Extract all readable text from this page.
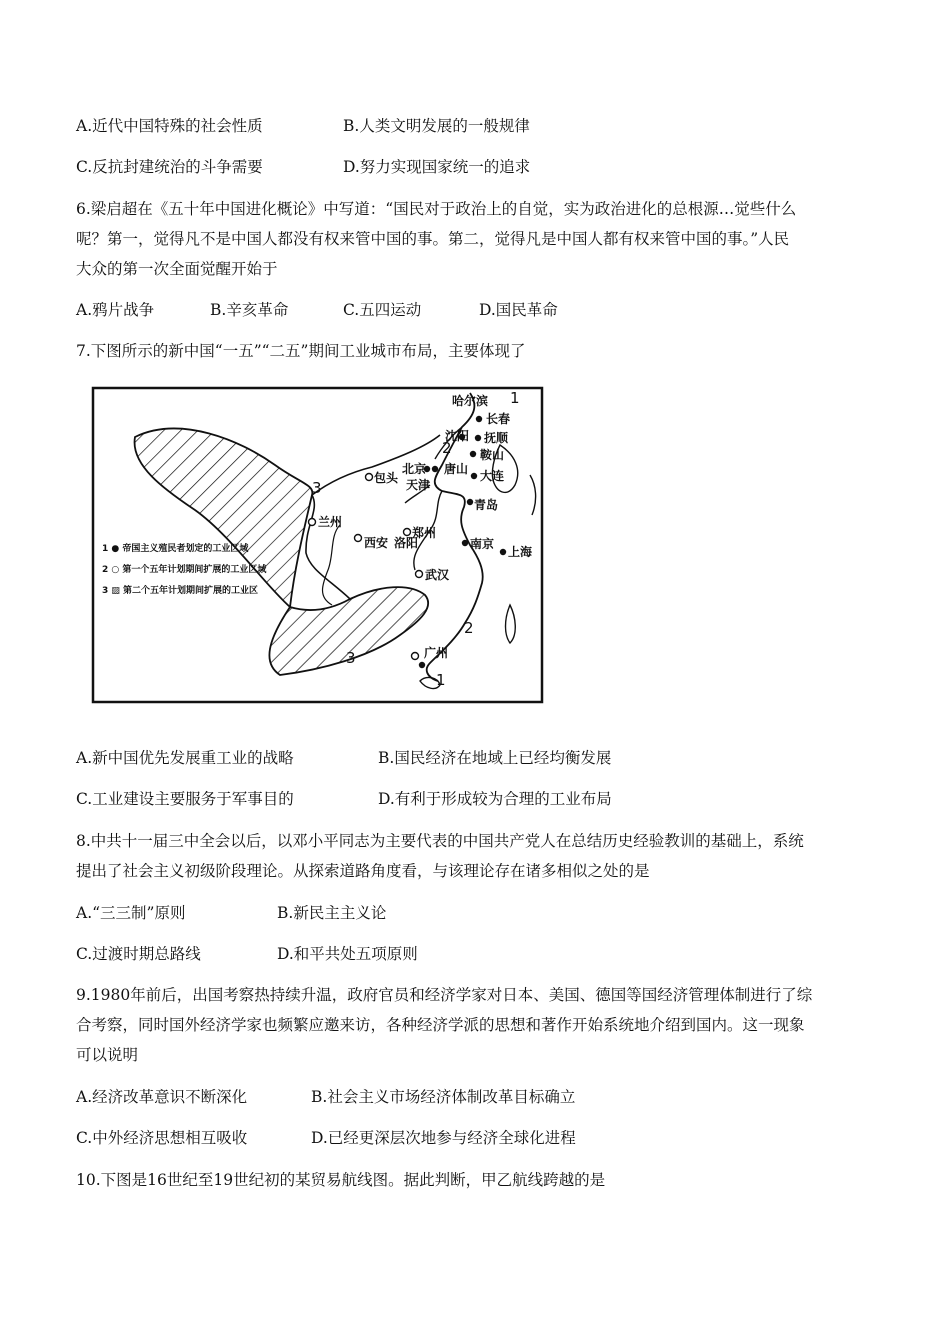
A.近代中国特殊的社会性质	B.人类文明发展的一般规律
C.反抗封建统治的斗争需要	D.努力实现国家统一的追求
6.梁启超在《五十年中国进化概论》中写道：“国民对于政治上的自觉，实为政治进化的总根源…觉些什么
呢？第一，觉得凡不是中国人都没有权来管中国的事。第二，觉得凡是中国人都有权来管中国的事。”人民
大众的第一次全面觉醒开始于
A.鸦片战争	B.辛亥革命	C.五四运动	D.国民革命
7.下图所示的新中国“一五”“二五”期间工业城市布局，主要体现了
1
2
3
2
3
1
哈尔滨
长春
沈阳 抚顺
鞍山
北京 唐山
天津
大连
青岛
包头
兰州
郑州
西安 洛阳	南京
上海
武汉
广州
1 ● 帝国主义殖民者划定的工业区域
2 ○ 第一个五年计划期间扩展的工业区域
3 ▨ 第二个五年计划期间扩展的工业区
A.新中国优先发展重工业的战略	B.国民经济在地域上已经均衡发展
C.工业建设主要服务于军事目的	D.有利于形成较为合理的工业布局
8.中共十一届三中全会以后，以邓小平同志为主要代表的中国共产党人在总结历史经验教训的基础上，系统
提出了社会主义初级阶段理论。从探索道路角度看，与该理论存在诸多相似之处的是
A.“三三制”原则	B.新民主主义论
C.过渡时期总路线	D.和平共处五项原则
9.1980年前后，出国考察热持续升温，政府官员和经济学家对日本、美国、德国等国经济管理体制进行了综
合考察，同时国外经济学家也频繁应邀来访，各种经济学派的思想和著作开始系统地介绍到国内。这一现象
可以说明
A.经济改革意识不断深化	B.社会主义市场经济体制改革目标确立
C.中外经济思想相互吸收	D.已经更深层次地参与经济全球化进程
10.下图是16世纪至19世纪初的某贸易航线图。据此判断，甲乙航线跨越的是
